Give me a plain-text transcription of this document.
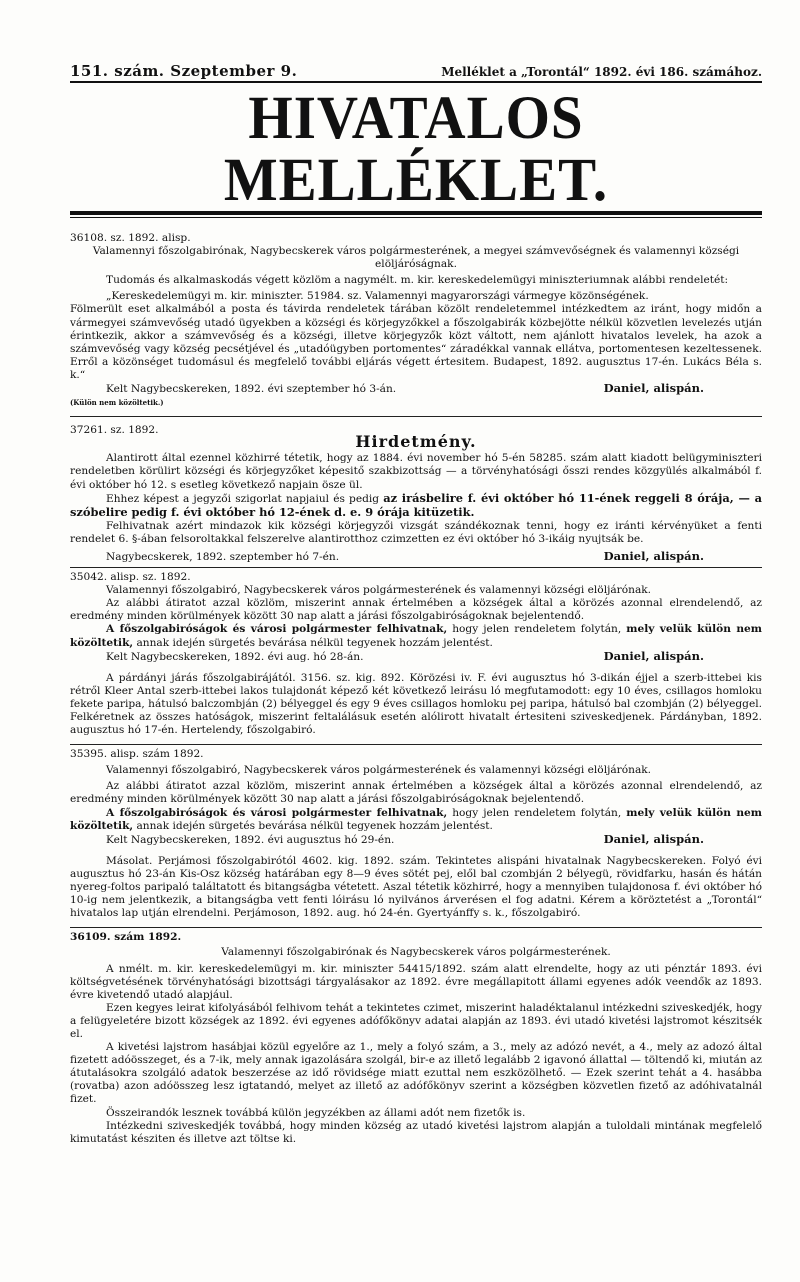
151. szám. Szeptember 9.	Melléklet a „Torontál“ 1892. évi 186. számához.
HIVATALOS MELLÉKLET.
36108. sz. 1892. alisp.
Valamennyi főszolgabirónak, Nagybecskerek város polgármesterének, a megyei számvevőségnek és valamennyi községi elöljáróságnak.
Tudomás és alkalmaskodás végett közlöm a nagymélt. m. kir. kereskedelemügyi miniszteriumnak alábbi rendeletét:
„Kereskedelemügyi m. kir. miniszter. 51984. sz. Valamennyi magyarországi vármegye közönségének.
Fölmerült eset alkalmából a posta és távirda rendeletek tárában közölt rendeletemmel intézkedtem az iránt, hogy midőn a vármegyei számvevőség utadó ügyekben a községi és körjegyzőkkel a főszolgabirák közbejötte nélkül közvetlen levelezés utján érintkezik, akkor a számvevőség és a községi, illetve körjegyzők közt váltott, nem ajánlott hivatalos levelek, ha azok a számvevőség vagy község pecsétjével és „utadóügyben portomentes“ záradékkal vannak ellátva, portomentesen kezeltessenek. Erről a közönséget tudomásul és megfelelő további eljárás végett értesitem. Budapest, 1892. augusztus 17-én. Lukács Béla s. k.“
Kelt Nagybecskereken, 1892. évi szeptember hó 3-án.	Daniel, alispán.
(Külön nem közöltetik.)
37261. sz. 1892.
Hirdetmény.
Alantirott által ezennel közhirré tétetik, hogy az 1884. évi november hó 5-én 58285. szám alatt kiadott belügyminiszteri rendeletben körülirt községi és körjegyzőket képesitő szakbizottság — a törvényhatósági ősszi rendes közgyülés alkalmából f. évi október hó 12. s esetleg következő napjain ösze ül.
Ehhez képest a jegyzői szigorlat napjaiul és pedig az irásbelire f. évi október hó 11-ének reggeli 8 órája, — a szóbelire pedig f. évi október hó 12-ének d. e. 9 órája kitüzetik.
Felhivatnak azért mindazok kik községi körjegyzői vizsgát szándékoznak tenni, hogy ez iránti kérvényüket a fenti rendelet 6. §-ában felsoroltakkal felszerelve alantirotthoz czimzetten ez évi október hó 3-ikáig nyujtsák be.
Nagybecskerek, 1892. szeptember hó 7-én.	Daniel, alispán.
35042. alisp. sz. 1892.
Valamennyi főszolgabiró, Nagybecskerek város polgármesterének és valamennyi községi elöljárónak.
Az alábbi átiratot azzal közlöm, miszerint annak értelmében a községek által a körözés azonnal elrendelendő, az eredmény minden körülmények között 30 nap alatt a járási főszolgabiróságoknak bejelentendő.
A főszolgabiróságok és városi polgármester felhivatnak, hogy jelen rendeletem folytán, mely velük külön nem közöltetik, annak idején sürgetés bevárása nélkül tegyenek hozzám jelentést.
Kelt Nagybecskereken, 1892. évi aug. hó 28-án.	Daniel, alispán.
A párdányi járás főszolgabirájától. 3156. sz. kig. 892. Körözési iv. F. évi augusztus hó 3-dikán éjjel a szerb-ittebei kis rétről Kleer Antal szerb-ittebei lakos tulajdonát képező két következő leirásu ló megfutamodott: egy 10 éves, csillagos homloku fekete paripa, hátulsó balczombján (2) bélyeggel és egy 9 éves csillagos homloku pej paripa, hátulsó bal czombján (2) bélyeggel. Felkéretnek az összes hatóságok, miszerint feltalálásuk esetén alólirott hivatalt értesiteni sziveskedjenek. Párdányban, 1892. augusztus hó 17-én. Hertelendy, főszolgabiró.
35395. alisp. szám 1892.
Valamennyi főszolgabiró, Nagybecskerek város polgármesterének és valamennyi községi elöljárónak.
Az alábbi átiratot azzal közlöm, miszerint annak értelmében a községek által a körözés azonnal elrendelendő, az eredmény minden körülmények között 30 nap alatt a járási főszolgabiróságoknak bejelentendő.
A főszolgabiróságok és városi polgármester felhivatnak, hogy jelen rendeletem folytán, mely velük külön nem közöltetik, annak idején sürgetés bevárása nélkül tegyenek hozzám jelentést.
Kelt Nagybecskereken, 1892. évi augusztus hó 29-én.	Daniel, alispán.
Másolat. Perjámosi főszolgabirótól 4602. kig. 1892. szám. Tekintetes alispáni hivatalnak Nagybecskereken. Folyó évi augusztus hó 23-án Kis-Osz község határában egy 8—9 éves sötét pej, elől bal czombján 2 bélyegü, rövidfarku, hasán és hátán nyereg-foltos paripaló találtatott és bitangságba vétetett. Aszal tétetik közhirré, hogy a mennyiben tulajdonosa f. évi október hó 10-ig nem jelentkezik, a bitangságba vett fenti lóirásu ló nyilvános árverésen el fog adatni. Kérem a köröztetést a „Torontál“ hivatalos lap utján elrendelni. Perjámoson, 1892. aug. hó 24-én. Gyertyánffy s. k., főszolgabiró.
36109. szám 1892.
Valamennyi főszolgabirónak és Nagybecskerek város polgármesterének.
A nmélt. m. kir. kereskedelemügyi m. kir. miniszter 54415/1892. szám alatt elrendelte, hogy az uti pénztár 1893. évi költségvetésének törvényhatósági bizottsági tárgyalásakor az 1892. évre megállapitott állami egyenes adók veendők az 1893. évre kivetendő utadó alapjául.
Ezen kegyes leirat kifolyásából felhivom tehát a tekintetes czimet, miszerint haladéktalanul intézkedni sziveskedjék, hogy a felügyeletére bizott községek az 1892. évi egyenes adófőkönyv adatai alapján az 1893. évi utadó kivetési lajstromot készitsék el.
A kivetési lajstrom hasábjai közül egyelőre az 1., mely a folyó szám, a 3., mely az adózó nevét, a 4., mely az adozó által fizetett adóösszeget, és a 7-ik, mely annak igazolására szolgál, bir-e az illető legalább 2 igavonó állattal — töltendő ki, miután az átutalásokra szolgáló adatok beszerzése az idő rövidsége miatt ezuttal nem eszközölhető. — Ezek szerint tehát a 4. hasábba (rovatba) azon adóösszeg lesz igtatandó, melyet az illető az adófőkönyv szerint a községben közvetlen fizető az adóhivatalnál fizet.
Összeirandók lesznek továbbá külön jegyzékben az állami adót nem fizetők is.
Intézkedni sziveskedjék továbbá, hogy minden község az utadó kivetési lajstrom alapján a tuloldali mintának megfelelő kimutatást késziten és illetve azt töltse ki.
